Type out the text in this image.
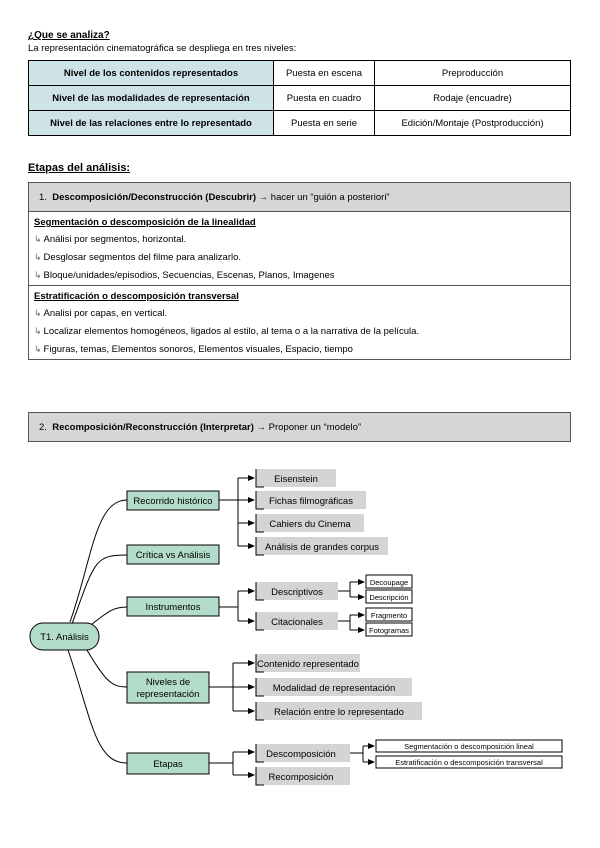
¿Que se analiza?
La representación cinematográfica se despliega en tres niveles:
Nivel de los contenidos representados	Puesta en escena	Preproducción
Nivel de las modalidades de representación	Puesta en cuadro	Rodaje (encuadre)
Nivel de las relaciones entre lo representado	Puesta en serie	Edición/Montaje (Postproducción)
Etapas del análisis:
1.
Descomposición/Deconstrucción (Descubrir)
→ hacer un “guión a posteriori”
Segmentación o descomposición de la linealidad
↳ Análisi por segmentos, horizontal.
↳ Desglosar segmentos del filme para analizarlo.
↳ Bloque/unidades/episodios, Secuencias, Escenas, Planos, Imagenes
Estratificación o descomposición transversal
↳ Analisi por capas, en vertical.
↳ Localizar elementos homogéneos, ligados al estilo, al tema o a la narrativa de la película.
↳ Figuras, temas, Elementos sonoros, Elementos visuales, Espacio, tiempo
2.
Recomposición/Reconstrucción (Interpretar)
→ Proponer un “modelo”
T1. Análisis
Recorrido histórico
Crítica vs Análisis
Instrumentos
Niveles de
representación
Etapas
Eisenstein
Fichas filmográficas
Cahiers du Cinema
Análisis de grandes corpus
Descriptivos
Citacionales
Decoupage
Descripción
Fragmento
Fotogramas
Contenido representado
Modalidad de representación
Relación entre lo representado
Descomposición
Recomposición
Segmentación o descomposición lineal
Estratificación o descomposición transversal
